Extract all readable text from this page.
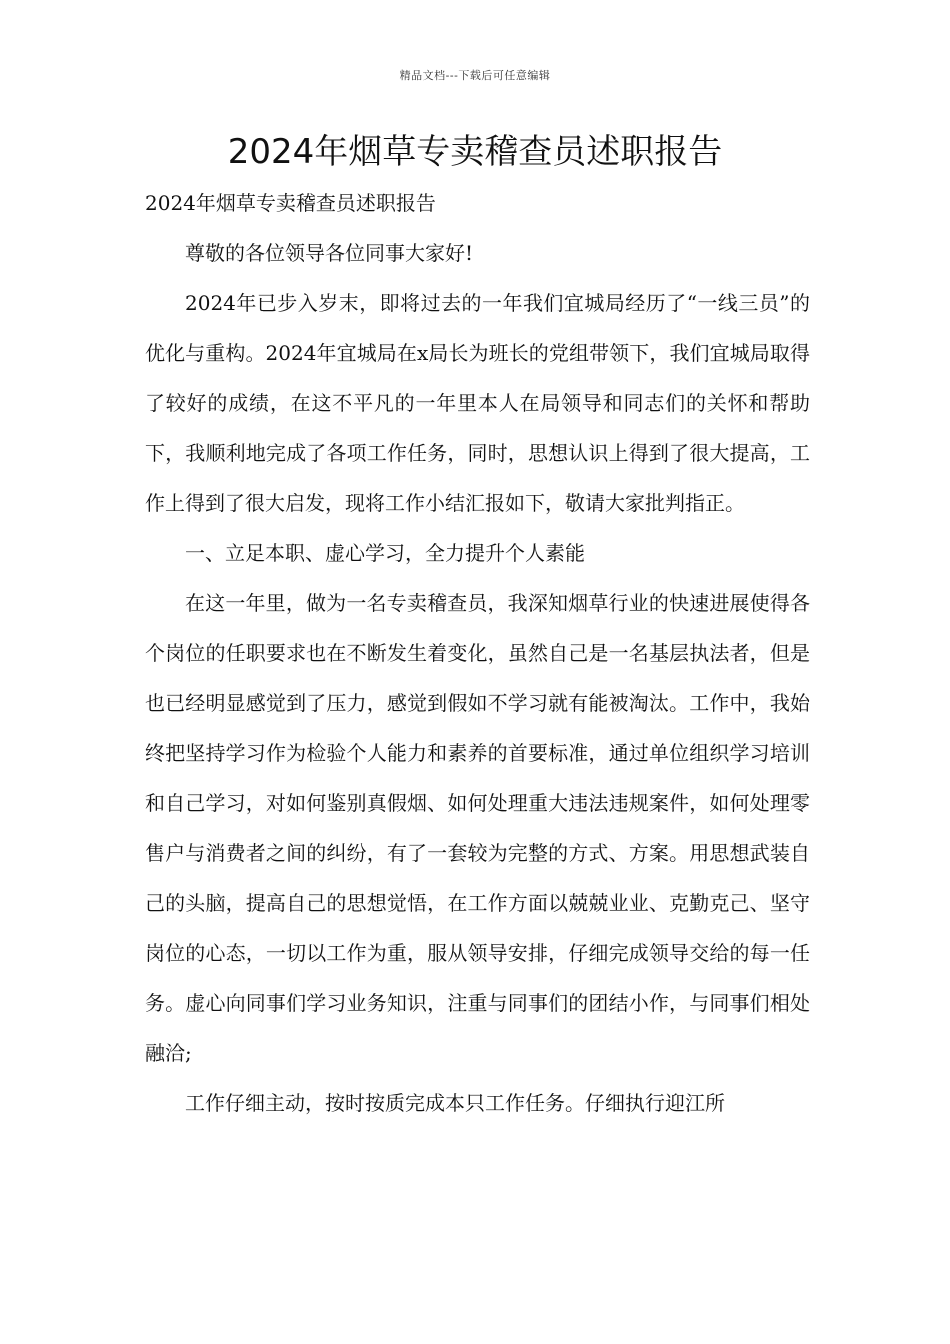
精品文档---下载后可任意编辑
2024年烟草专卖稽查员述职报告

2024年烟草专卖稽查员述职报告

尊敬的各位领导各位同事大家好!

2024年已步入岁末，即将过去的一年我们宜城局经历了“一线三员”的优化与重构。2024年宜城局在x局长为班长的党组带领下，我们宜城局取得了较好的成绩，在这不平凡的一年里本人在局领导和同志们的关怀和帮助下，我顺利地完成了各项工作任务，同时，思想认识上得到了很大提高，工作上得到了很大启发，现将工作小结汇报如下，敬请大家批判指正。

一、立足本职、虚心学习，全力提升个人素能

在这一年里，做为一名专卖稽查员，我深知烟草行业的快速进展使得各个岗位的任职要求也在不断发生着变化，虽然自己是一名基层执法者，但是也已经明显感觉到了压力，感觉到假如不学习就有能被淘汰。工作中，我始终把坚持学习作为检验个人能力和素养的首要标准，通过单位组织学习培训和自己学习，对如何鉴别真假烟、如何处理重大违法违规案件，如何处理零售户与消费者之间的纠纷，有了一套较为完整的方式、方案。用思想武装自己的头脑，提高自己的思想觉悟，在工作方面以兢兢业业、克勤克己、坚守岗位的心态，一切以工作为重，服从领导安排，仔细完成领导交给的每一任务。虚心向同事们学习业务知识，注重与同事们的团结小作，与同事们相处融洽;

工作仔细主动，按时按质完成本只工作任务。仔细执行迎江所
